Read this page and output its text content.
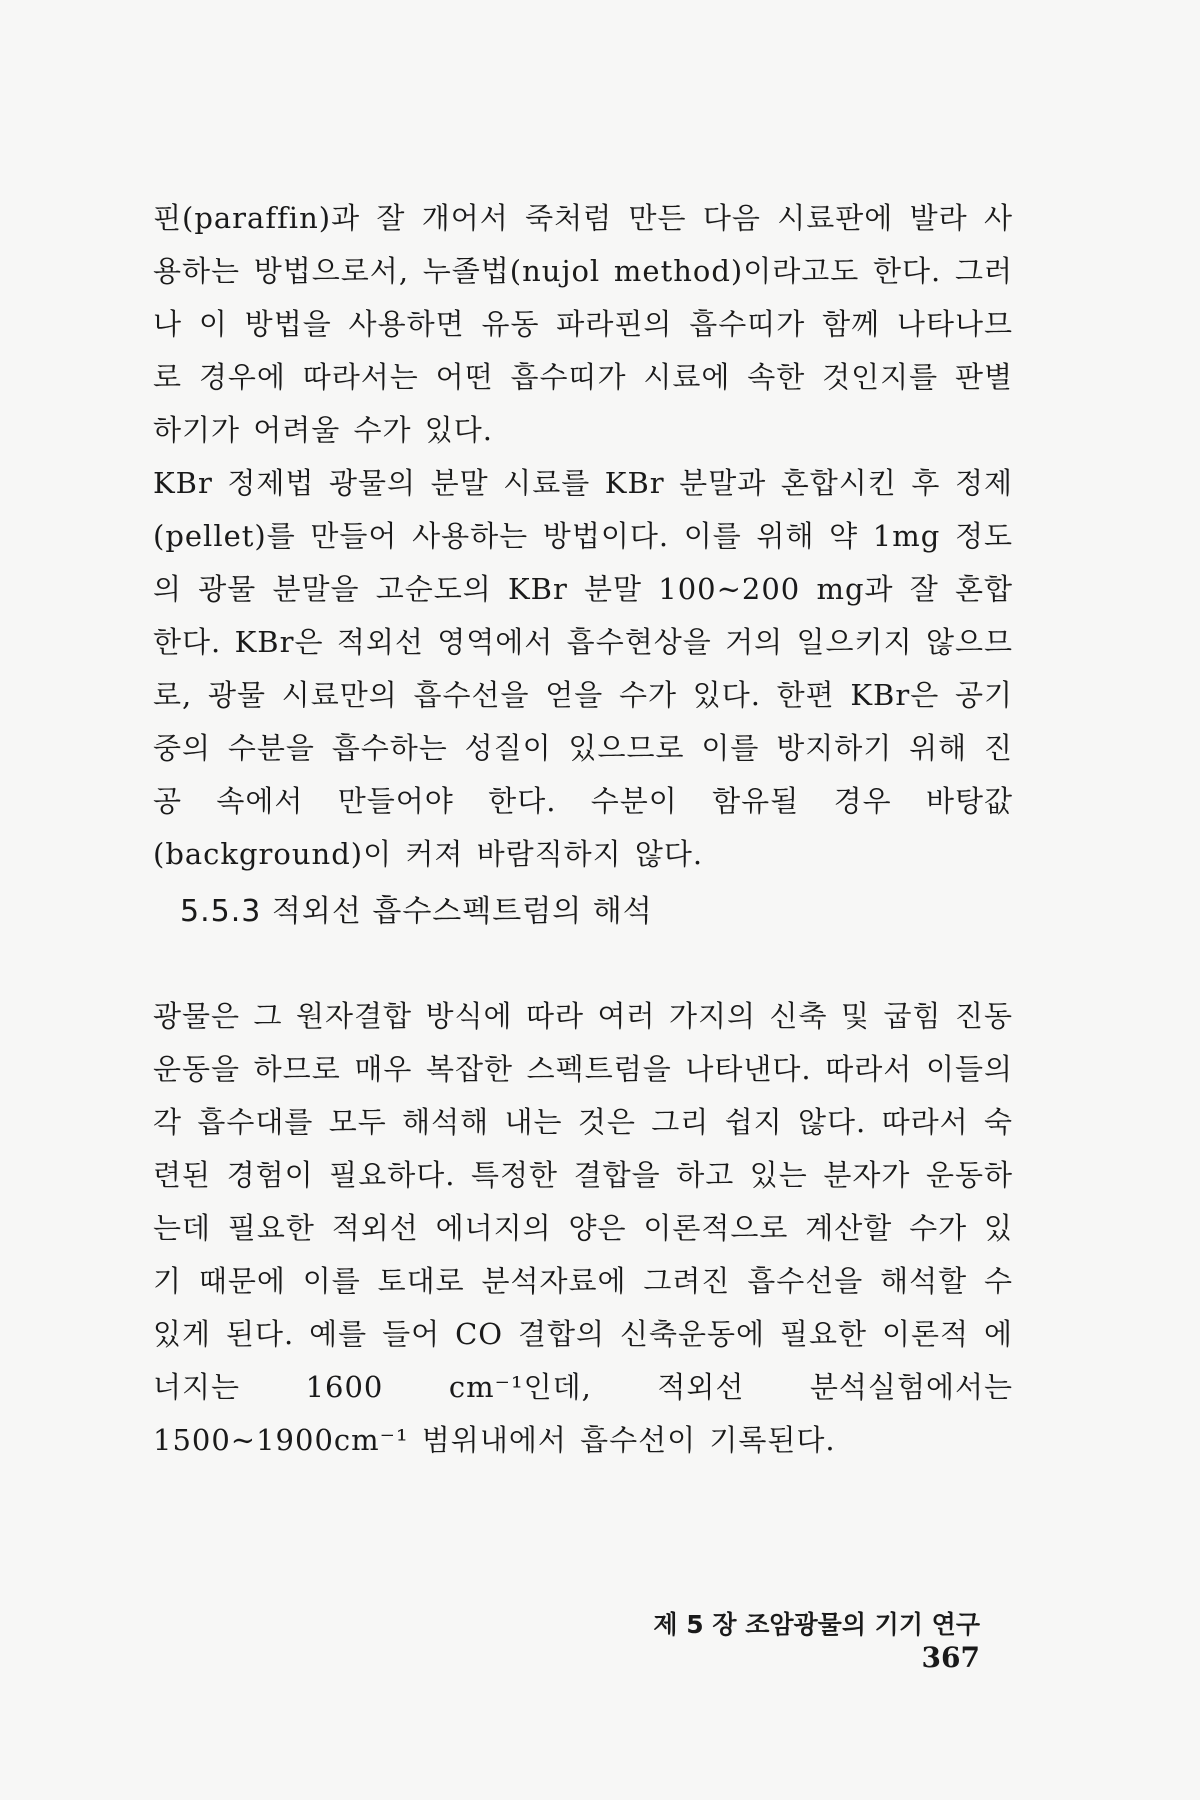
핀(paraffin)과 잘 개어서 죽처럼 만든 다음 시료판에 발라 사용하는 방법으로서, 누졸법(nujol method)이라고도 한다. 그러나 이 방법을 사용하면 유동 파라핀의 흡수띠가 함께 나타나므로 경우에 따라서는 어떤 흡수띠가 시료에 속한 것인지를 판별하기가 어려울 수가 있다.

KBr 정제법 광물의 분말 시료를 KBr 분말과 혼합시킨 후 정제(pellet)를 만들어 사용하는 방법이다. 이를 위해 약 1mg 정도의 광물 분말을 고순도의 KBr 분말 100∼200 mg과 잘 혼합한다. KBr은 적외선 영역에서 흡수현상을 거의 일으키지 않으므로, 광물 시료만의 흡수선을 얻을 수가 있다. 한편 KBr은 공기 중의 수분을 흡수하는 성질이 있으므로 이를 방지하기 위해 진공 속에서 만들어야 한다. 수분이 함유될 경우 바탕값(background)이 커져 바람직하지 않다.

5.5.3 적외선 흡수스펙트럼의 해석

광물은 그 원자결합 방식에 따라 여러 가지의 신축 및 굽힘 진동운동을 하므로 매우 복잡한 스펙트럼을 나타낸다. 따라서 이들의 각 흡수대를 모두 해석해 내는 것은 그리 쉽지 않다. 따라서 숙련된 경험이 필요하다. 특정한 결합을 하고 있는 분자가 운동하는데 필요한 적외선 에너지의 양은 이론적으로 계산할 수가 있기 때문에 이를 토대로 분석자료에 그려진 흡수선을 해석할 수 있게 된다. 예를 들어 CO 결합의 신축운동에 필요한 이론적 에너지는 1600 cm⁻¹인데, 적외선 분석실험에서는 1500∼1900cm⁻¹ 범위내에서 흡수선이 기록된다.

제 5 장 조암광물의 기기 연구 367
